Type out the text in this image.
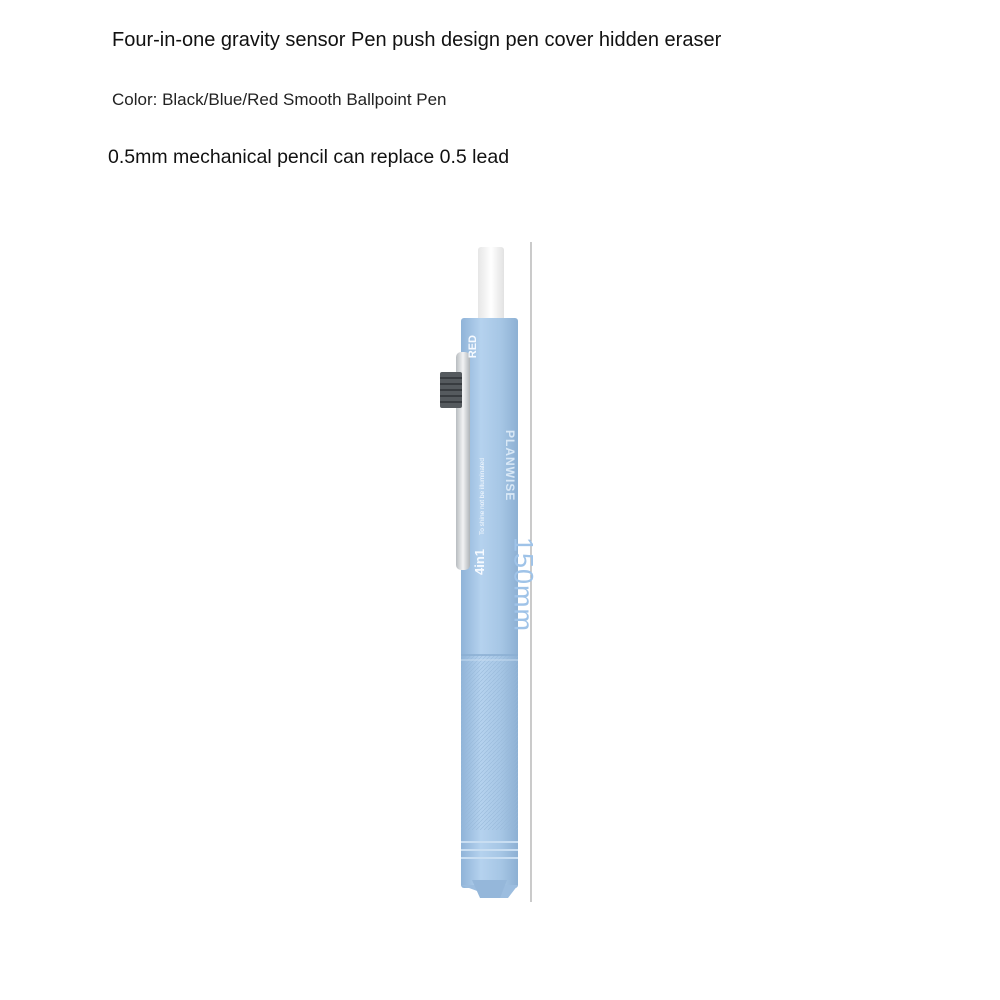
Four-in-one gravity sensor Pen push design pen cover hidden eraser
Color: Black/Blue/Red Smooth Ballpoint Pen
0.5mm mechanical pencil can replace 0.5 lead
RED
4in1
To shine not be illuminated PLANWISE
150mm
